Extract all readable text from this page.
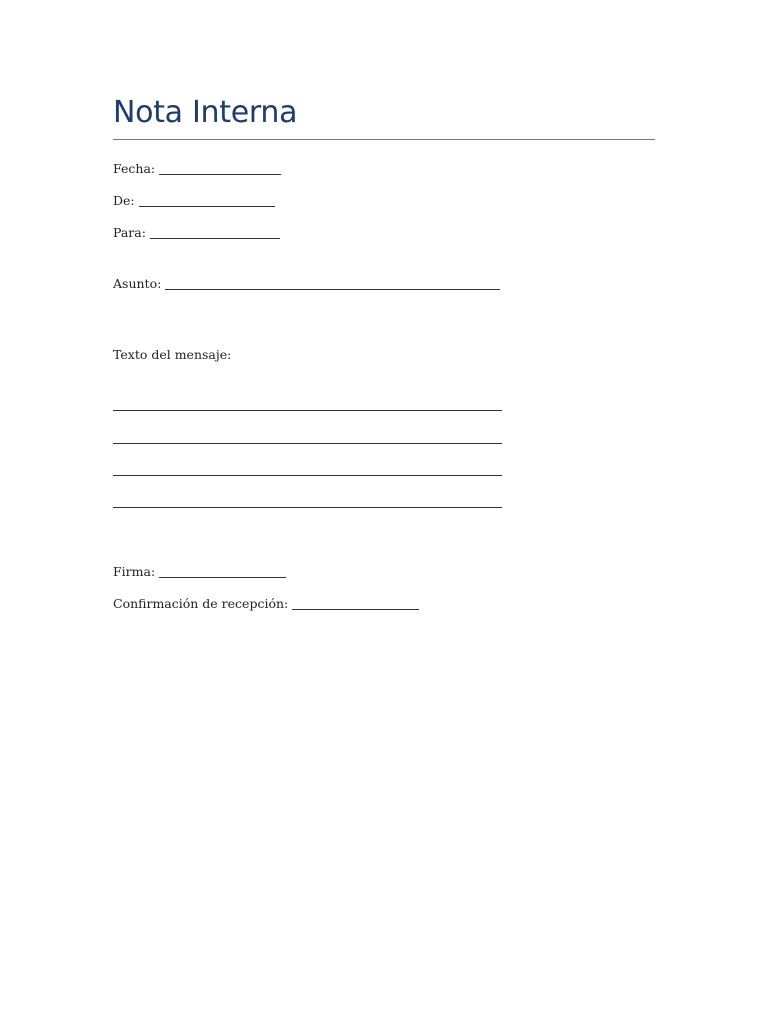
Nota Interna
Fecha:
De:
Para:
Asunto:
Texto del mensaje:
Firma:
Confirmación de recepción:
